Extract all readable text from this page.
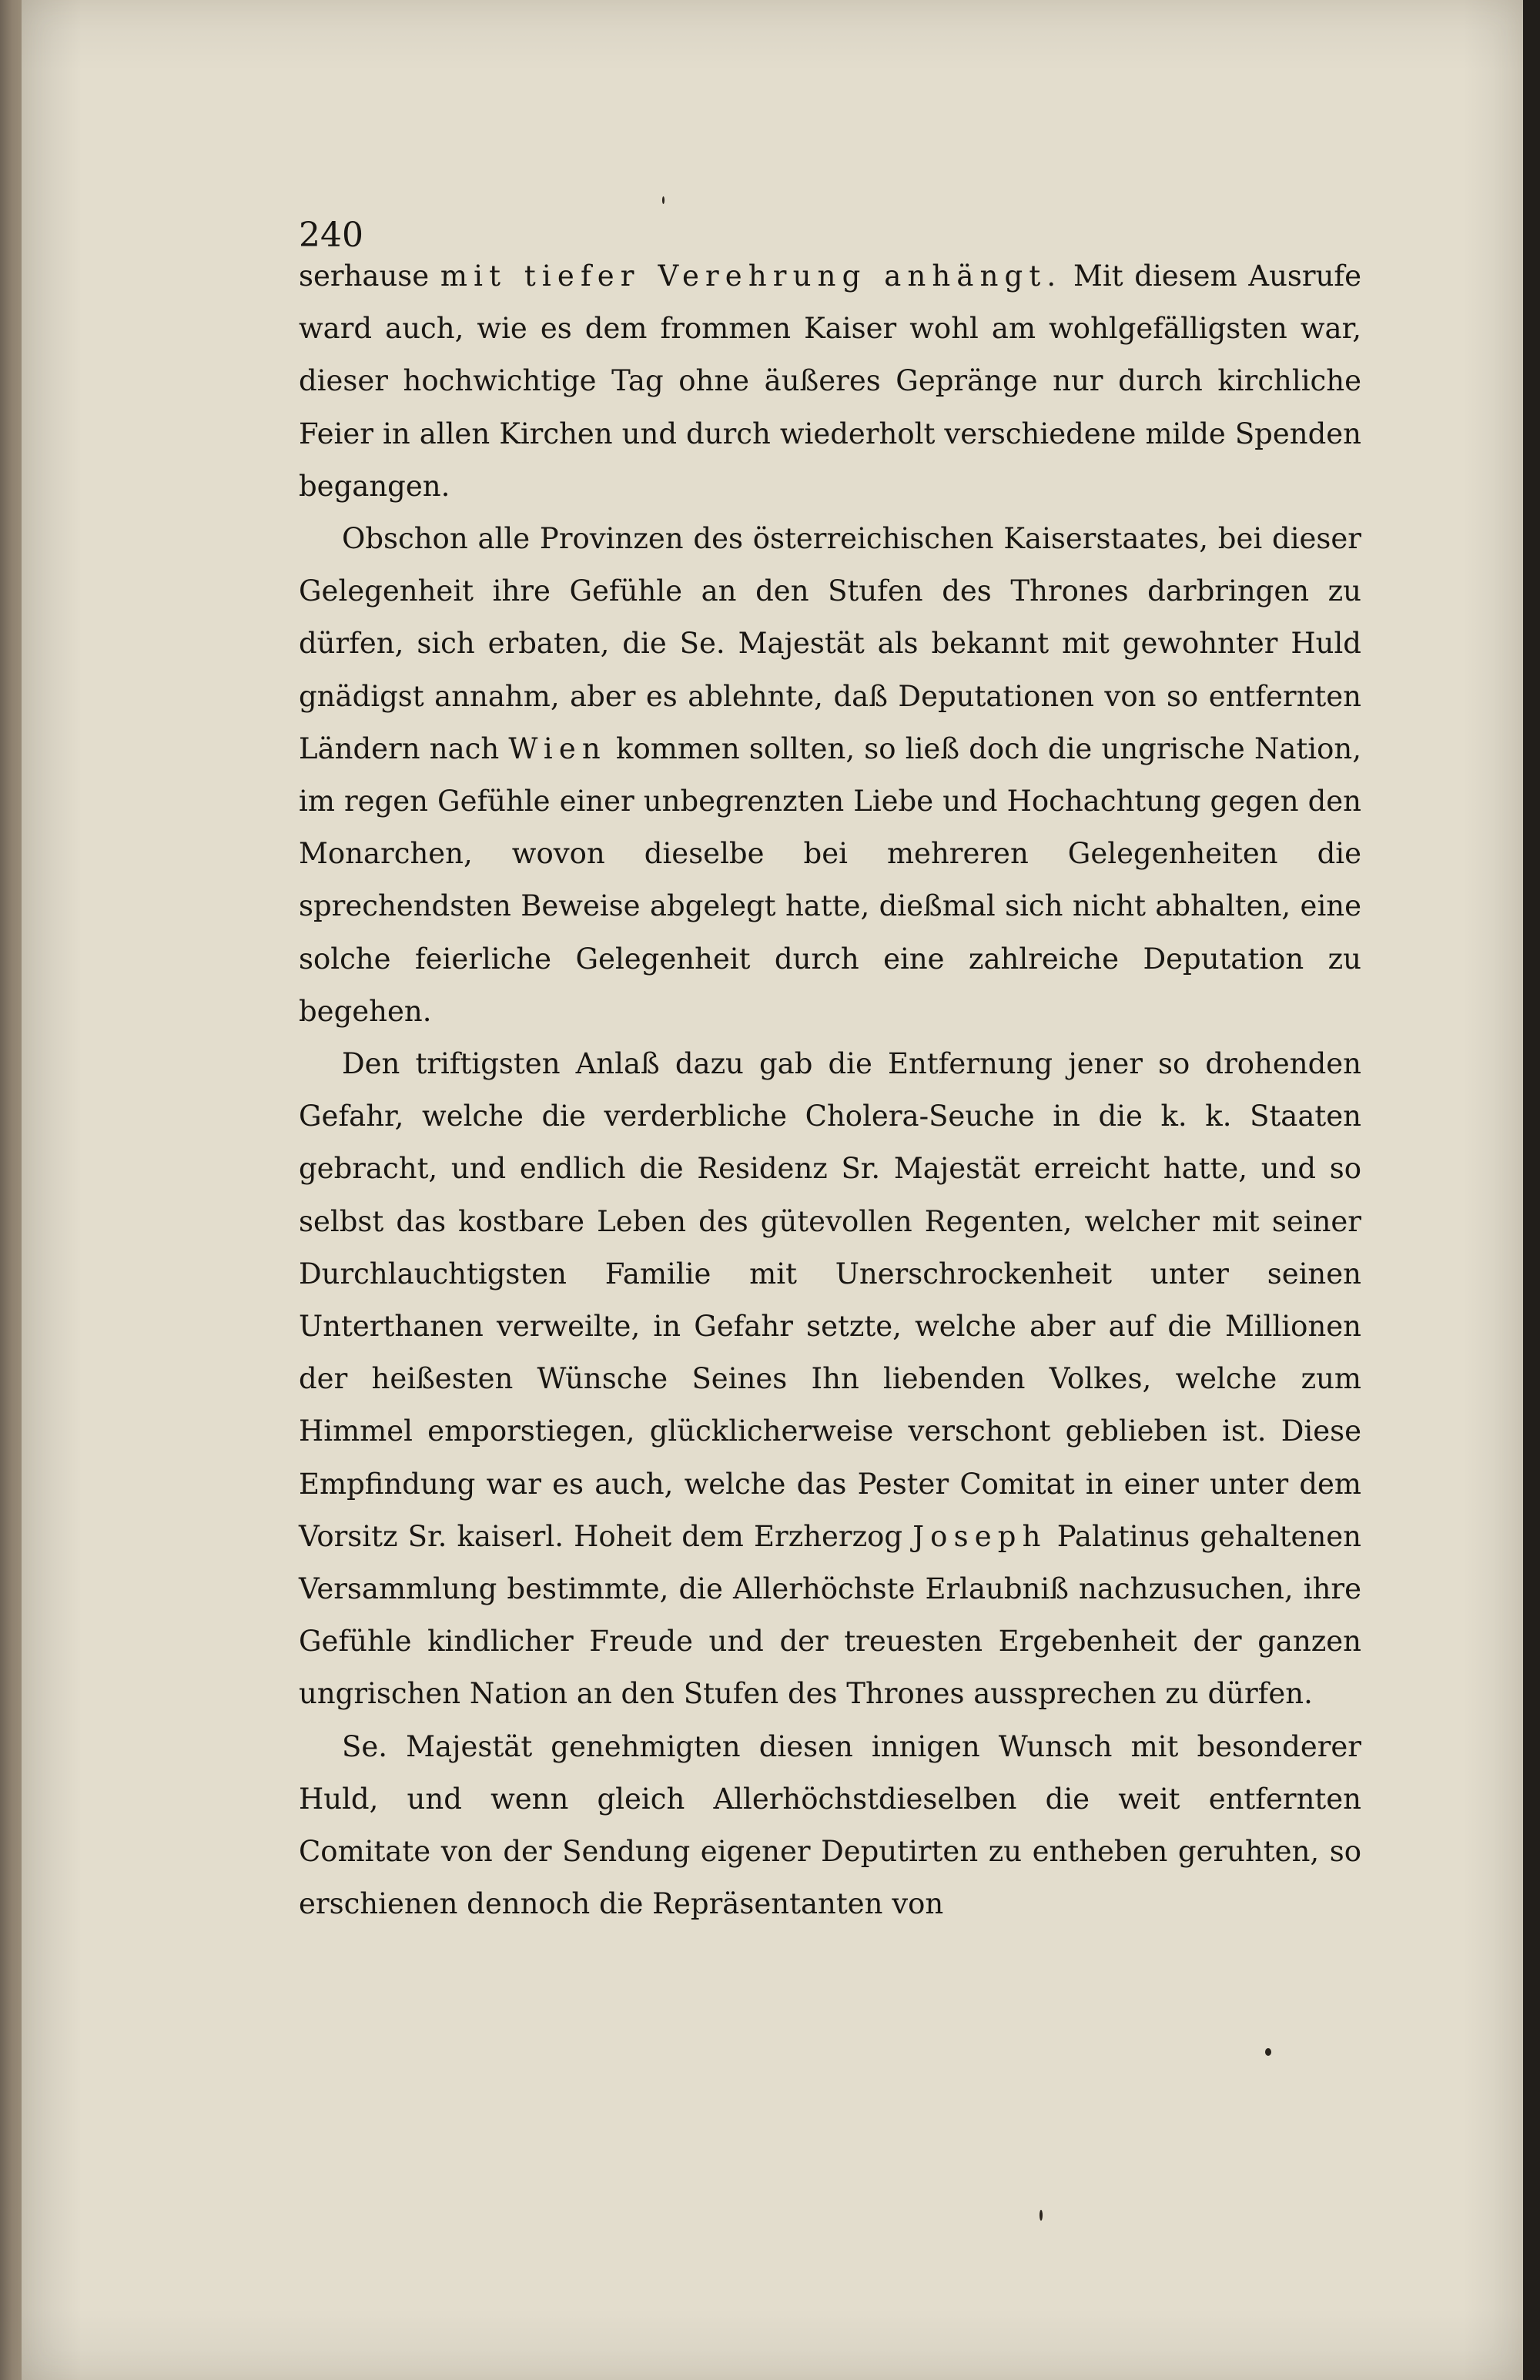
240

serhause mit tiefer Verehrung anhängt. Mit diesem Ausrufe ward auch, wie es dem frommen Kaiser wohl am wohlgefälligsten war, dieser hochwichtige Tag ohne äußeres Gepränge nur durch kirchliche Feier in allen Kirchen und durch wiederholt verschiedene milde Spenden begangen.

Obschon alle Provinzen des österreichischen Kaiserstaates, bei dieser Gelegenheit ihre Gefühle an den Stufen des Thrones darbringen zu dürfen, sich erbaten, die Se. Majestät als bekannt mit gewohnter Huld gnädigst annahm, aber es ablehnte, daß Deputationen von so entfernten Ländern nach Wien kommen sollten, so ließ doch die ungrische Nation, im regen Gefühle einer unbegrenzten Liebe und Hochachtung gegen den Monarchen, wovon dieselbe bei mehreren Gelegenheiten die sprechendsten Beweise abgelegt hatte, dießmal sich nicht abhalten, eine solche feierliche Gelegenheit durch eine zahlreiche Deputation zu begehen.

Den triftigsten Anlaß dazu gab die Entfernung jener so drohenden Gefahr, welche die verderbliche Cholera-Seuche in die k. k. Staaten gebracht, und endlich die Residenz Sr. Majestät erreicht hatte, und so selbst das kostbare Leben des gütevollen Regenten, welcher mit seiner Durchlauchtigsten Familie mit Unerschrockenheit unter seinen Unterthanen verweilte, in Gefahr setzte, welche aber auf die Millionen der heißesten Wünsche Seines Ihn liebenden Volkes, welche zum Himmel emporstiegen, glücklicherweise verschont geblieben ist. Diese Empfindung war es auch, welche das Pester Comitat in einer unter dem Vorsitz Sr. kaiserl. Hoheit dem Erzherzog Joseph Palatinus gehaltenen Versammlung bestimmte, die Allerhöchste Erlaubniß nachzusuchen, ihre Gefühle kindlicher Freude und der treuesten Ergebenheit der ganzen ungrischen Nation an den Stufen des Thrones aussprechen zu dürfen.

Se. Majestät genehmigten diesen innigen Wunsch mit besonderer Huld, und wenn gleich Allerhöchstdieselben die weit entfernten Comitate von der Sendung eigener Deputirten zu entheben geruhten, so erschienen dennoch die Repräsentanten von
